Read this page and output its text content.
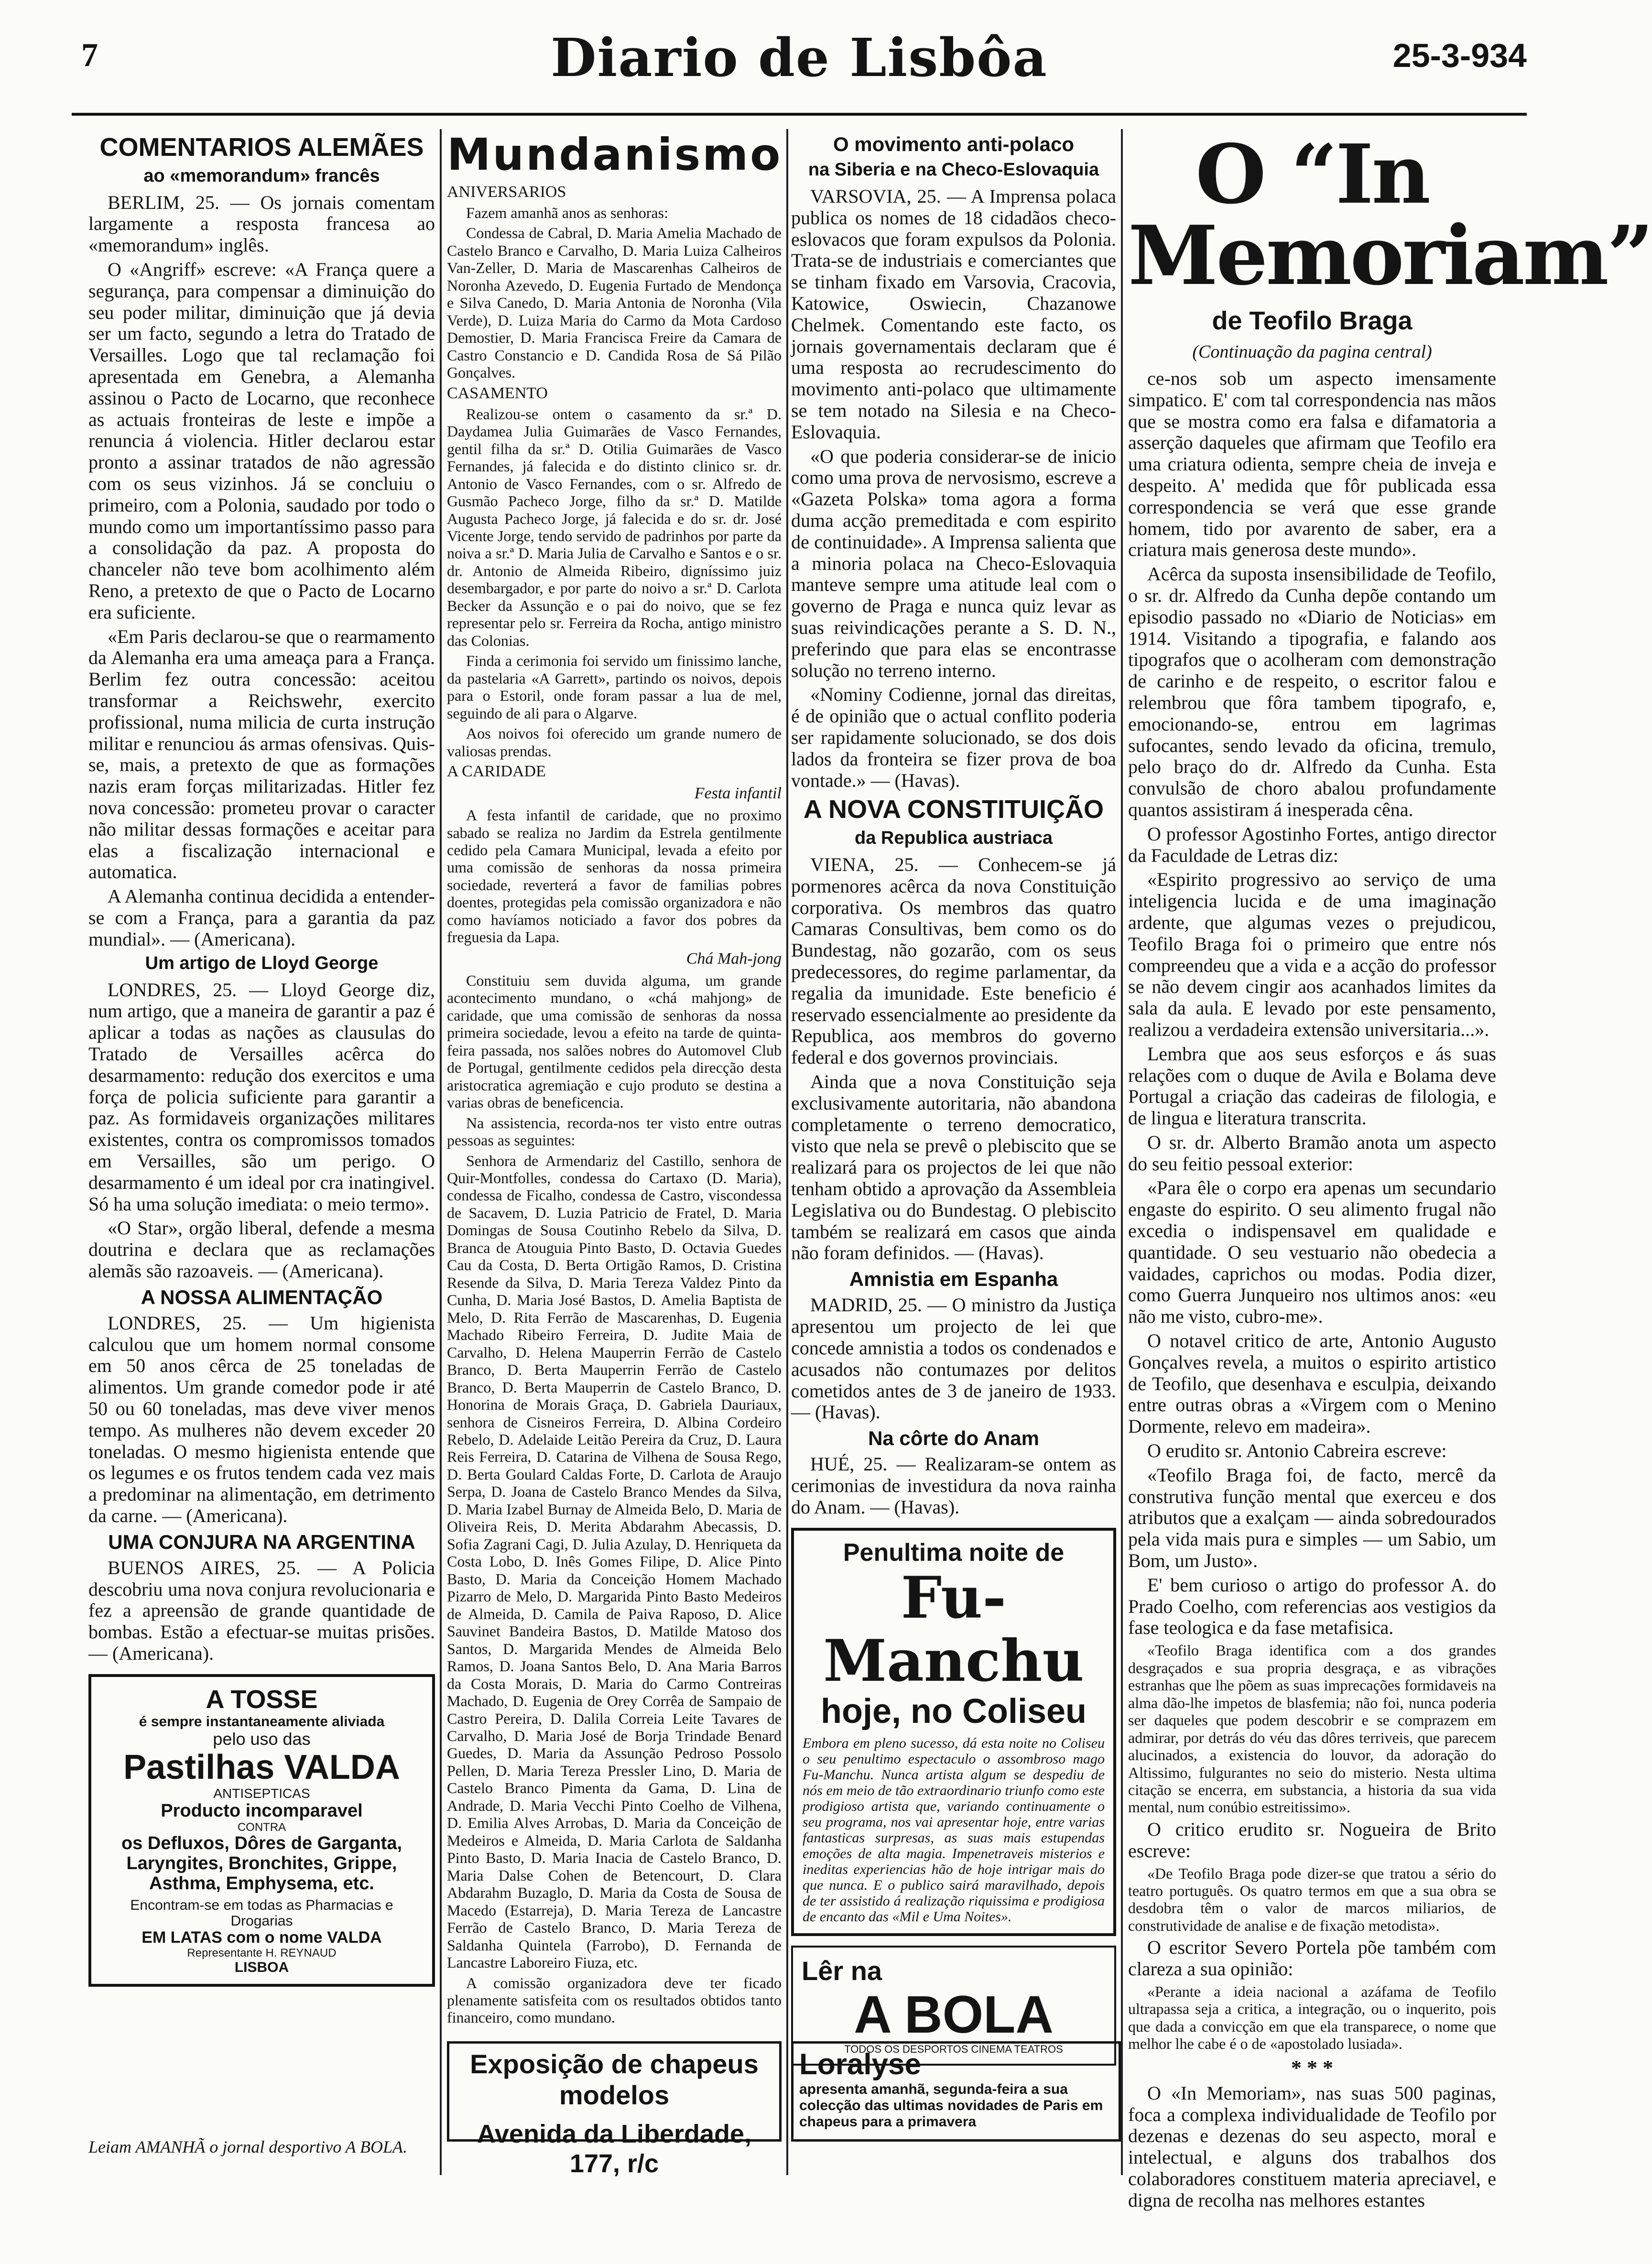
7	Diario de Lisbôa	25-3-934
COMENTARIOS ALEMÃES
ao «memorandum» francês

BERLIM, 25. — Os jornais comentam largamente a resposta francesa ao «memorandum» inglês.

O «Angriff» escreve: «A França quere a segurança, para compensar a diminuição do seu poder militar, diminuição que já devia ser um facto, segundo a letra do Tratado de Versailles. Logo que tal reclamação foi apresentada em Genebra, a Alemanha assinou o Pacto de Locarno, que reconhece as actuais fronteiras de leste e impõe a renuncia á violencia. Hitler declarou estar pronto a assinar tratados de não agressão com os seus vizinhos. Já se concluiu o primeiro, com a Polonia, saudado por todo o mundo como um importantíssimo passo para a consolidação da paz. A proposta do chanceler não teve bom acolhimento além Reno, a pretexto de que o Pacto de Locarno era suficiente.

«Em Paris declarou-se que o rearmamento da Alemanha era uma ameaça para a França. Berlim fez outra concessão: aceitou transformar a Reichswehr, exercito profissional, numa milicia de curta instrução militar e renunciou ás armas ofensivas. Quis-se, mais, a pretexto de que as formações nazis eram forças militarizadas. Hitler fez nova concessão: prometeu provar o caracter não militar dessas formações e aceitar para elas a fiscalização internacional e automatica.

A Alemanha continua decidida a entender-se com a França, para a garantia da paz mundial». — (Americana).

Um artigo de Lloyd George

LONDRES, 25. — Lloyd George diz, num artigo, que a maneira de garantir a paz é aplicar a todas as nações as clausulas do Tratado de Versailles acêrca do desarmamento: redução dos exercitos e uma força de policia suficiente para garantir a paz. As formidaveis organizações militares existentes, contra os compromissos tomados em Versailles, são um perigo. O desarmamento é um ideal por cra inatingivel. Só ha uma solução imediata: o meio termo».

«O Star», orgão liberal, defende a mesma doutrina e declara que as reclamações alemãs são razoaveis. — (Americana).

A NOSSA ALIMENTAÇÃO

LONDRES, 25. — Um higienista calculou que um homem normal consome em 50 anos cêrca de 25 toneladas de alimentos. Um grande comedor pode ir até 50 ou 60 toneladas, mas deve viver menos tempo. As mulheres não devem exceder 20 toneladas. O mesmo higienista entende que os legumes e os frutos tendem cada vez mais a predominar na alimentação, em detrimento da carne. — (Americana).

UMA CONJURA NA ARGENTINA

BUENOS AIRES, 25. — A Policia descobriu uma nova conjura revolucionaria e fez a apreensão de grande quantidade de bombas. Estão a efectuar-se muitas prisões. — (Americana).

A TOSSE
é sempre instantaneamente aliviada
pelo uso das
Pastilhas VALDA
ANTISEPTICAS
Producto incomparavel
CONTRA
os Defluxos, Dôres de Garganta, Laryngites, Bronchites, Grippe, Asthma, Emphysema, etc.
Encontram-se em todas as Pharmacias e Drogarias
EM LATAS com o nome VALDA
Representante H. REYNAUD
LISBOA
Mundanismo
ANIVERSARIOS

Fazem amanhã anos as senhoras:

Condessa de Cabral, D. Maria Amelia Machado de Castelo Branco e Carvalho, D. Maria Luiza Calheiros Van-Zeller, D. Maria de Mascarenhas Calheiros de Noronha Azevedo, D. Eugenia Furtado de Mendonça e Silva Canedo, D. Maria Antonia de Noronha (Vila Verde), D. Luiza Maria do Carmo da Mota Cardoso Demostier, D. Maria Francisca Freire da Camara de Castro Constancio e D. Candida Rosa de Sá Pilão Gonçalves.

CASAMENTO

Realizou-se ontem o casamento da sr.ª D. Daydamea Julia Guimarães de Vasco Fernandes, gentil filha da sr.ª D. Otilia Guimarães de Vasco Fernandes, já falecida e do distinto clinico sr. dr. Antonio de Vasco Fernandes, com o sr. Alfredo de Gusmão Pacheco Jorge, filho da sr.ª D. Matilde Augusta Pacheco Jorge, já falecida e do sr. dr. José Vicente Jorge, tendo servido de padrinhos por parte da noiva a sr.ª D. Maria Julia de Carvalho e Santos e o sr. dr. Antonio de Almeida Ribeiro, digníssimo juiz desembargador, e por parte do noivo a sr.ª D. Carlota Becker da Assunção e o pai do noivo, que se fez representar pelo sr. Ferreira da Rocha, antigo ministro das Colonias.

Finda a cerimonia foi servido um finissimo lanche, da pastelaria «A Garrett», partindo os noivos, depois para o Estoril, onde foram passar a lua de mel, seguindo de ali para o Algarve.

Aos noivos foi oferecido um grande numero de valiosas prendas.

A CARIDADE
Festa infantil

A festa infantil de caridade, que no proximo sabado se realiza no Jardim da Estrela gentilmente cedido pela Camara Municipal, levada a efeito por uma comissão de senhoras da nossa primeira sociedade, reverterá a favor de familias pobres doentes, protegidas pela comissão organizadora e não como havíamos noticiado a favor dos pobres da freguesia da Lapa.

Chá Mah-jong

Constituiu sem duvida alguma, um grande acontecimento mundano, o «chá mahjong» de caridade, que uma comissão de senhoras da nossa primeira sociedade, levou a efeito na tarde de quinta-feira passada, nos salões nobres do Automovel Club de Portugal, gentilmente cedidos pela direcção desta aristocratica agremiação e cujo produto se destina a varias obras de beneficencia.

Na assistencia, recorda-nos ter visto entre outras pessoas as seguintes:

Senhora de Armendariz del Castillo, senhora de Quir-Montfolles, condessa do Cartaxo (D. Maria), condessa de Ficalho, condessa de Castro, viscondessa de Sacavem, D. Luzia Patricio de Fratel, D. Maria Domingas de Sousa Coutinho Rebelo da Silva, D. Branca de Atouguia Pinto Basto, D. Octavia Guedes Cau da Costa, D. Berta Ortigão Ramos, D. Cristina Resende da Silva, D. Maria Tereza Valdez Pinto da Cunha, D. Maria José Bastos, D. Amelia Baptista de Melo, D. Rita Ferrão de Mascarenhas, D. Eugenia Machado Ribeiro Ferreira, D. Judite Maia de Carvalho, D. Helena Mauperrin Ferrão de Castelo Branco, D. Berta Mauperrin Ferrão de Castelo Branco, D. Berta Mauperrin de Castelo Branco, D. Honorina de Morais Graça, D. Gabriela Dauriaux, senhora de Cisneiros Ferreira, D. Albina Cordeiro Rebelo, D. Adelaide Leitão Pereira da Cruz, D. Laura Reis Ferreira, D. Catarina de Vilhena de Sousa Rego, D. Berta Goulard Caldas Forte, D. Carlota de Araujo Serpa, D. Joana de Castelo Branco Mendes da Silva, D. Maria Izabel Burnay de Almeida Belo, D. Maria de Oliveira Reis, D. Merita Abdarahm Abecassis, D. Sofia Zagrani Cagi, D. Julia Azulay, D. Henriqueta da Costa Lobo, D. Inês Gomes Filipe, D. Alice Pinto Basto, D. Maria da Conceição Homem Machado Pizarro de Melo, D. Margarida Pinto Basto Medeiros de Almeida, D. Camila de Paiva Raposo, D. Alice Sauvinet Bandeira Bastos, D. Matilde Matoso dos Santos, D. Margarida Mendes de Almeida Belo Ramos, D. Joana Santos Belo, D. Ana Maria Barros da Costa Morais, D. Maria do Carmo Contreiras Machado, D. Eugenia de Orey Corrêa de Sampaio de Castro Pereira, D. Dalila Correia Leite Tavares de Carvalho, D. Maria José de Borja Trindade Benard Guedes, D. Maria da Assunção Pedroso Possolo Pellen, D. Maria Tereza Pressler Lino, D. Maria de Castelo Branco Pimenta da Gama, D. Lina de Andrade, D. Maria Vecchi Pinto Coelho de Vilhena, D. Emilia Alves Arrobas, D. Maria da Conceição de Medeiros e Almeida, D. Maria Carlota de Saldanha Pinto Basto, D. Maria Inacia de Castelo Branco, D. Maria Dalse Cohen de Betencourt, D. Clara Abdarahm Buzaglo, D. Maria da Costa de Sousa de Macedo (Estarreja), D. Maria Tereza de Lancastre Ferrão de Castelo Branco, D. Maria Tereza de Saldanha Quintela (Farrobo), D. Fernanda de Lancastre Laboreiro Fiuza, etc.

A comissão organizadora deve ter ficado plenamente satisfeita com os resultados obtidos tanto financeiro, como mundano.

O movimento anti-polaco
na Siberia e na Checo-Eslovaquia

VARSOVIA, 25. — A Imprensa polaca publica os nomes de 18 cidadãos checo-eslovacos que foram expulsos da Polonia. Trata-se de industriais e comerciantes que se tinham fixado em Varsovia, Cracovia, Katowice, Oswiecin, Chazanowe Chelmek. Comentando este facto, os jornais governamentais declaram que é uma resposta ao recrudescimento do movimento anti-polaco que ultimamente se tem notado na Silesia e na Checo-Eslovaquia.

«O que poderia considerar-se de inicio como uma prova de nervosismo, escreve a «Gazeta Polska» toma agora a forma duma acção premeditada e com espirito de continuidade». A Imprensa salienta que a minoria polaca na Checo-Eslovaquia manteve sempre uma atitude leal com o governo de Praga e nunca quiz levar as suas reivindicações perante a S. D. N., preferindo que para elas se encontrasse solução no terreno interno.

«Nominy Codienne, jornal das direitas, é de opinião que o actual conflito poderia ser rapidamente solucionado, se dos dois lados da fronteira se fizer prova de boa vontade.» — (Havas).

A NOVA CONSTITUIÇÃO
da Republica austriaca

VIENA, 25. — Conhecem-se já pormenores acêrca da nova Constituição corporativa. Os membros das quatro Camaras Consultivas, bem como os do Bundestag, não gozarão, com os seus predecessores, do regime parlamentar, da regalia da imunidade. Este beneficio é reservado essencialmente ao presidente da Republica, aos membros do governo federal e dos governos provinciais.

Ainda que a nova Constituição seja exclusivamente autoritaria, não abandona completamente o terreno democratico, visto que nela se prevê o plebiscito que se realizará para os projectos de lei que não tenham obtido a aprovação da Assembleia Legislativa ou do Bundestag. O plebiscito também se realizará em casos que ainda não foram definidos. — (Havas).

Amnistia em Espanha

MADRID, 25. — O ministro da Justiça apresentou um projecto de lei que concede amnistia a todos os condenados e acusados não contumazes por delitos cometidos antes de 3 de janeiro de 1933. — (Havas).

Na côrte do Anam

HUÉ, 25. — Realizaram-se ontem as cerimonias de investidura da nova rainha do Anam. — (Havas).

Penultima noite de
Fu-Manchu
hoje, no Coliseu
Embora em pleno sucesso, dá esta noite no Coliseu o seu penultimo espectaculo o assombroso mago Fu-Manchu. Nunca artista algum se despediu de nós em meio de tão extraordinario triunfo como este prodigioso artista que, variando continuamente o seu programa, nos vai apresentar hoje, entre varias fantasticas surpresas, as suas mais estupendas emoções de alta magia. Impenetraveis misterios e ineditas experiencias hão de hoje intrigar mais do que nunca. E o publico sairá maravilhado, depois de ter assistido á realização riquissima e prodigiosa de encanto das «Mil e Uma Noites».
Lêr na
A BOLA
TODOS OS DESPORTOS CINEMA TEATROS
O “In Memoriam”
de Teofilo Braga
(Continuação da pagina central)

ce-nos sob um aspecto imensamente simpatico. E' com tal correspondencia nas mãos que se mostra como era falsa e difamatoria a asserção daqueles que afirmam que Teofilo era uma criatura odienta, sempre cheia de inveja e despeito. A' medida que fôr publicada essa correspondencia se verá que esse grande homem, tido por avarento de saber, era a criatura mais generosa deste mundo».

Acêrca da suposta insensibilidade de Teofilo, o sr. dr. Alfredo da Cunha depõe contando um episodio passado no «Diario de Noticias» em 1914. Visitando a tipografia, e falando aos tipografos que o acolheram com demonstração de carinho e de respeito, o escritor falou e relembrou que fôra tambem tipografo, e, emocionando-se, entrou em lagrimas sufocantes, sendo levado da oficina, tremulo, pelo braço do dr. Alfredo da Cunha. Esta convulsão de choro abalou profundamente quantos assistiram á inesperada cêna.

O professor Agostinho Fortes, antigo director da Faculdade de Letras diz:

«Espirito progressivo ao serviço de uma inteligencia lucida e de uma imaginação ardente, que algumas vezes o prejudicou, Teofilo Braga foi o primeiro que entre nós compreendeu que a vida e a acção do professor se não devem cingir aos acanhados limites da sala da aula. E levado por este pensamento, realizou a verdadeira extensão universitaria...».

Lembra que aos seus esforços e ás suas relações com o duque de Avila e Bolama deve Portugal a criação das cadeiras de filologia, e de lingua e literatura transcrita.

O sr. dr. Alberto Bramão anota um aspecto do seu feitio pessoal exterior:

«Para êle o corpo era apenas um secundario engaste do espirito. O seu alimento frugal não excedia o indispensavel em qualidade e quantidade. O seu vestuario não obedecia a vaidades, caprichos ou modas. Podia dizer, como Guerra Junqueiro nos ultimos anos: «eu não me visto, cubro-me».

O notavel critico de arte, Antonio Augusto Gonçalves revela, a muitos o espirito artistico de Teofilo, que desenhava e esculpia, deixando entre outras obras a «Virgem com o Menino Dormente, relevo em madeira».

O erudito sr. Antonio Cabreira escreve:

«Teofilo Braga foi, de facto, mercê da construtiva função mental que exerceu e dos atributos que a exalçam — ainda sobredourados pela vida mais pura e simples — um Sabio, um Bom, um Justo».

E' bem curioso o artigo do professor A. do Prado Coelho, com referencias aos vestigios da fase teologica e da fase metafisica.

«Teofilo Braga identifica com a dos grandes desgraçados e sua propria desgraça, e as vibrações estranhas que lhe põem as suas imprecações formidaveis na alma dão-lhe impetos de blasfemia; não foi, nunca poderia ser daqueles que podem descobrir e se comprazem em admirar, por detrás do véu das dôres terriveis, que parecem alucinados, a existencia do louvor, da adoração do Altissimo, fulgurantes no seio do misterio. Nesta ultima citação se encerra, em substancia, a historia da sua vida mental, num conúbio estreitissimo».

O critico erudito sr. Nogueira de Brito escreve:

«De Teofilo Braga pode dizer-se que tratou a sério do teatro português. Os quatro termos em que a sua obra se desdobra têm o valor de marcos miliarios, de construtividade de analise e de fixação metodista».

O escritor Severo Portela põe também com clareza a sua opinião:

«Perante a ideia nacional a azáfama de Teofilo ultrapassa seja a critica, a integração, ou o inquerito, pois que dada a convicção em que ela transparece, o nome que melhor lhe cabe é o de «apostolado lusiada».

* * *

O «In Memoriam», nas suas 500 paginas, foca a complexa individualidade de Teofilo por dezenas e dezenas do seu aspecto, moral e intelectual, e alguns dos trabalhos dos colaboradores constituem materia apreciavel, e digna de recolha nas melhores estantes

Leiam AMANHÃ o jornal desportivo A BOLA.
Exposição de chapeus modelos
Avenida da Liberdade, 177, r/c
Loralyse
apresenta amanhã, segunda-feira a sua colecção das ultimas novidades de Paris em chapeus para a primavera
